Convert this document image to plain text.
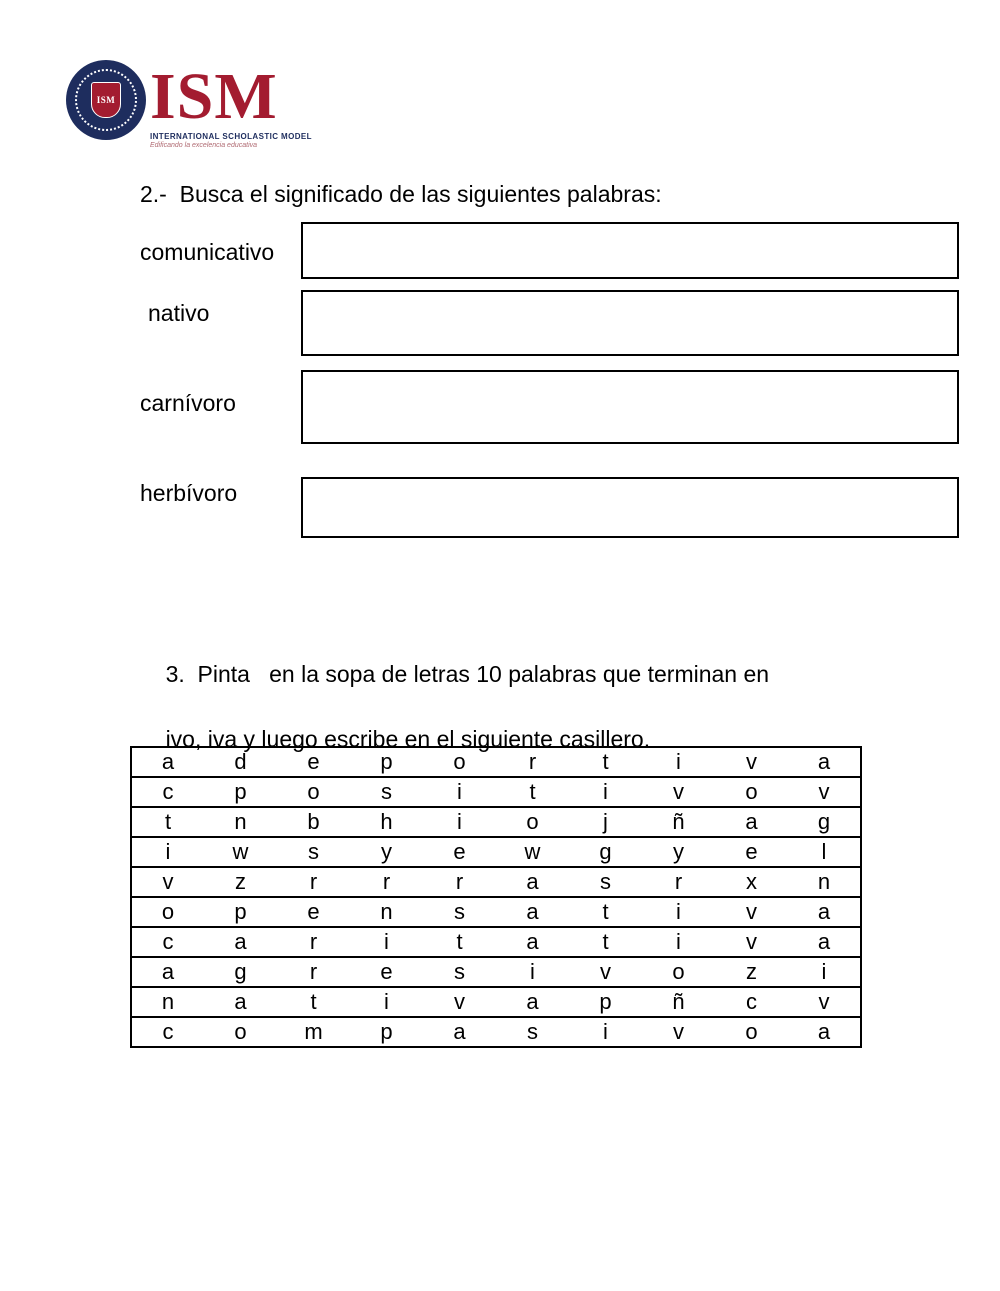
ISM ISM
INTERNATIONAL SCHOLASTIC MODEL
Edificando la excelencia educativa
2.-  Busca el significado de las siguientes palabras:
comunicativo
nativo
carnívoro
herbívoro

3.  Pinta   en la sopa de letras 10 palabras que terminan en

ivo, iva y luego escribe en el siguiente casillero.

a	d	e	p	o	r	t	i	v	a
c	p	o	s	i	t	i	v	o	v
t	n	b	h	i	o	j	ñ	a	g
i	w	s	y	e	w	g	y	e	l
v	z	r	r	r	a	s	r	x	n
o	p	e	n	s	a	t	i	v	a
c	a	r	i	t	a	t	i	v	a
a	g	r	e	s	i	v	o	z	i
n	a	t	i	v	a	p	ñ	c	v
c	o	m	p	a	s	i	v	o	a
